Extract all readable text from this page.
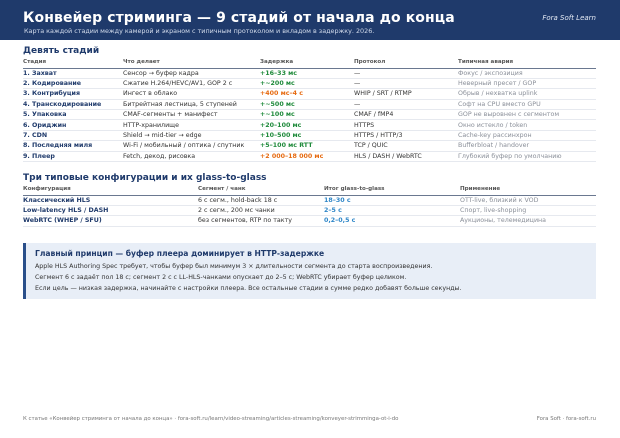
Конвейер стриминга — 9 стадий от начала до конца
Карта каждой стадии между камерой и экраном с типичным протоколом и вкладом в задержку. 2026.
Fora Soft Learn
Девять стадий
Стадия	Что делает	Задержка	Протокол	Типичная авария
1. Захват	Сенсор → буфер кадра	+16–33 мс	—	Фокус / экспозиция
2. Кодирование	Сжатие H.264/HEVC/AV1, GOP 2 с	+~200 мс	—	Неверный пресет / GOP
3. Контрибуция	Ингест в облако	+400 мс–4 с	WHIP / SRT / RTMP	Обрыв / нехватка uplink
4. Транскодирование	Битрейтная лестница, 5 ступеней	+~500 мс	—	Софт на CPU вместо GPU
5. Упаковка	CMAF-сегменты + манифест	+~100 мс	CMAF / fMP4	GOP не выровнен с сегментом
6. Ориджин	HTTP-хранилище	+20–100 мс	HTTPS	Окно истекло / token
7. CDN	Shield → mid-tier → edge	+10–500 мс	HTTPS / HTTP/3	Cache-key рассинхрон
8. Последняя миля	Wi-Fi / мобильный / оптика / спутник	+5–100 мс RTT	TCP / QUIC	Bufferbloat / handover
9. Плеер	Fetch, декод, рисовка	+2 000–18 000 мс	HLS / DASH / WebRTC	Глубокий буфер по умолчанию
Три типовые конфигурации и их glass-to-glass
Конфигурация	Сегмент / чанк	Итог glass-to-glass	Применение
Классический HLS	6 с сегм., hold-back 18 с	18–30 с	OTT-live, близкий к VOD
Low-latency HLS / DASH	2 с сегм., 200 мс чанки	2–5 с	Спорт, live-shopping
WebRTC (WHEP / SFU)	без сегментов, RTP по такту	0,2–0,5 с	Аукционы, телемедицина
Главный принцип — буфер плеера доминирует в HTTP-задержке
Apple HLS Authoring Spec требует, чтобы буфер был минимум 3 × длительности сегмента до старта воспроизведения.
Сегмент 6 с задаёт пол 18 с; сегмент 2 с с LL-HLS-чанками опускает до 2–5 с; WebRTC убирает буфер целиком.
Если цель — низкая задержка, начинайте с настройки плеера. Все остальные стадии в сумме редко добавят больше секунды.
К статье «Конвейер стриминга от начала до конца» · fora-soft.ru/learn/video-streaming/articles-streaming/konveyer-strimminga-ot-i-do	Fora Soft · fora-soft.ru
